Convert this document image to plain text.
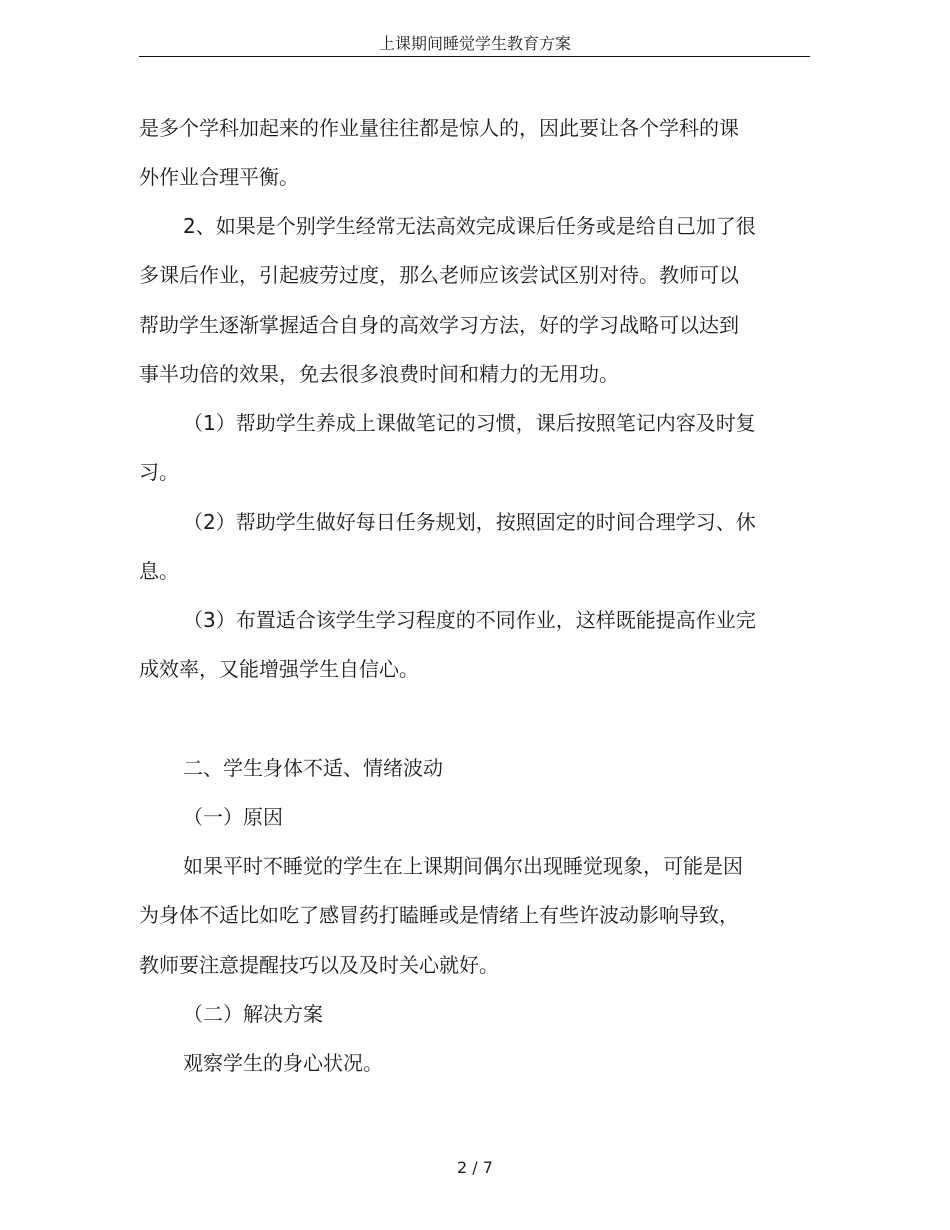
上课期间睡觉学生教育方案
是多个学科加起来的作业量往往都是惊人的，因此要让各个学科的课
外作业合理平衡。
2、如果是个别学生经常无法高效完成课后任务或是给自己加了很
多课后作业，引起疲劳过度，那么老师应该尝试区别对待。教师可以
帮助学生逐渐掌握适合自身的高效学习方法，好的学习战略可以达到
事半功倍的效果，免去很多浪费时间和精力的无用功。
（1）帮助学生养成上课做笔记的习惯，课后按照笔记内容及时复
习。
（2）帮助学生做好每日任务规划，按照固定的时间合理学习、休
息。
（3）布置适合该学生学习程度的不同作业，这样既能提高作业完
成效率，又能增强学生自信心。
二、学生身体不适、情绪波动
（一）原因
如果平时不睡觉的学生在上课期间偶尔出现睡觉现象，可能是因
为身体不适比如吃了感冒药打瞌睡或是情绪上有些许波动影响导致，
教师要注意提醒技巧以及及时关心就好。
（二）解决方案
观察学生的身心状况。
2 / 7
